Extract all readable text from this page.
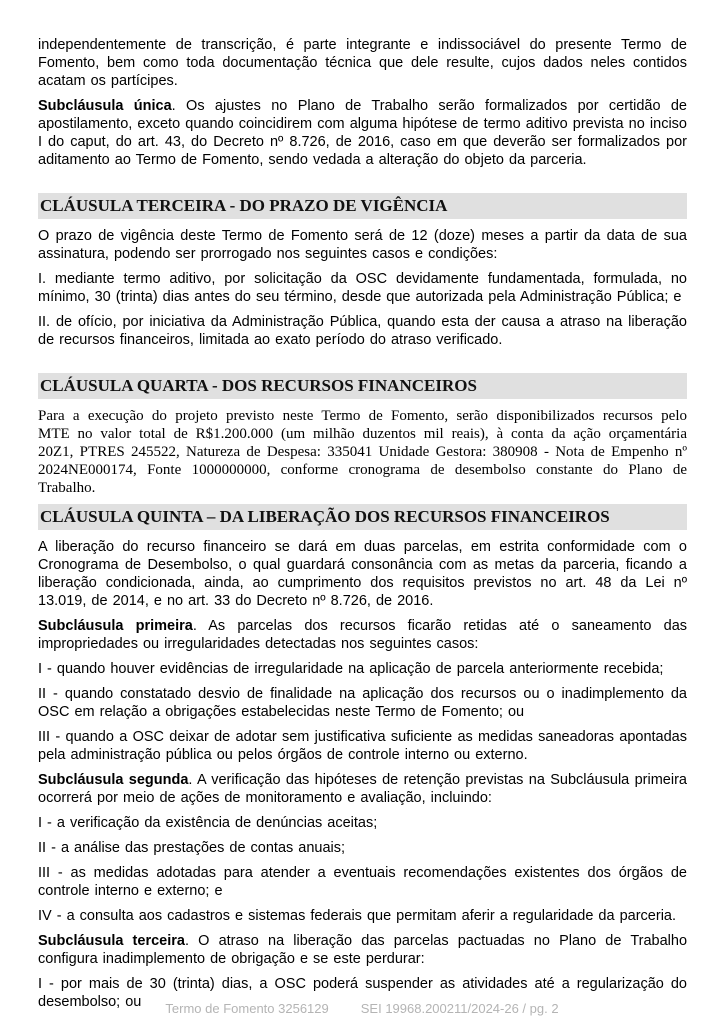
independentemente de transcrição, é parte integrante e indissociável do presente Termo de Fomento, bem como toda documentação técnica que dele resulte, cujos dados neles contidos acatam os partícipes.

Subcláusula única. Os ajustes no Plano de Trabalho serão formalizados por certidão de apostilamento, exceto quando coincidirem com alguma hipótese de termo aditivo prevista no inciso I do caput, do art. 43, do Decreto nº 8.726, de 2016, caso em que deverão ser formalizados por aditamento ao Termo de Fomento, sendo vedada a alteração do objeto da parceria.

CLÁUSULA TERCEIRA - DO PRAZO DE VIGÊNCIA

O prazo de vigência deste Termo de Fomento será de 12 (doze) meses a partir da data de sua assinatura, podendo ser prorrogado nos seguintes casos e condições:

I. mediante termo aditivo, por solicitação da OSC devidamente fundamentada, formulada, no mínimo, 30 (trinta) dias antes do seu término, desde que autorizada pela Administração Pública; e

II. de ofício, por iniciativa da Administração Pública, quando esta der causa a atraso na liberação de recursos financeiros, limitada ao exato período do atraso verificado.

CLÁUSULA QUARTA - DOS RECURSOS FINANCEIROS

Para a execução do projeto previsto neste Termo de Fomento, serão disponibilizados recursos pelo MTE no valor total de R$1.200.000 (um milhão duzentos mil reais), à conta da ação orçamentária 20Z1, PTRES 245522, Natureza de Despesa: 335041 Unidade Gestora: 380908 - Nota de Empenho nº 2024NE000174, Fonte 1000000000, conforme cronograma de desembolso constante do Plano de Trabalho.

CLÁUSULA QUINTA – DA LIBERAÇÃO DOS RECURSOS FINANCEIROS

A liberação do recurso financeiro se dará em duas parcelas, em estrita conformidade com o Cronograma de Desembolso, o qual guardará consonância com as metas da parceria, ficando a liberação condicionada, ainda, ao cumprimento dos requisitos previstos no art. 48 da Lei nº 13.019, de 2014, e no art. 33 do Decreto nº 8.726, de 2016.

Subcláusula primeira. As parcelas dos recursos ficarão retidas até o saneamento das impropriedades ou irregularidades detectadas nos seguintes casos:

I - quando houver evidências de irregularidade na aplicação de parcela anteriormente recebida;

II - quando constatado desvio de finalidade na aplicação dos recursos ou o inadimplemento da OSC em relação a obrigações estabelecidas neste Termo de Fomento; ou

III - quando a OSC deixar de adotar sem justificativa suficiente as medidas saneadoras apontadas pela administração pública ou pelos órgãos de controle interno ou externo.

Subcláusula segunda. A verificação das hipóteses de retenção previstas na Subcláusula primeira ocorrerá por meio de ações de monitoramento e avaliação, incluindo:

I - a verificação da existência de denúncias aceitas;

II - a análise das prestações de contas anuais;

III - as medidas adotadas para atender a eventuais recomendações existentes dos órgãos de controle interno e externo; e

IV - a consulta aos cadastros e sistemas federais que permitam aferir a regularidade da parceria.

Subcláusula terceira. O atraso na liberação das parcelas pactuadas no Plano de Trabalho configura inadimplemento de obrigação e se este perdurar:

I - por mais de 30 (trinta) dias, a OSC poderá suspender as atividades até a regularização do desembolso; ou	Termo de Fomento 3256129 SEI 19968.200211/2024-26 / pg. 2
